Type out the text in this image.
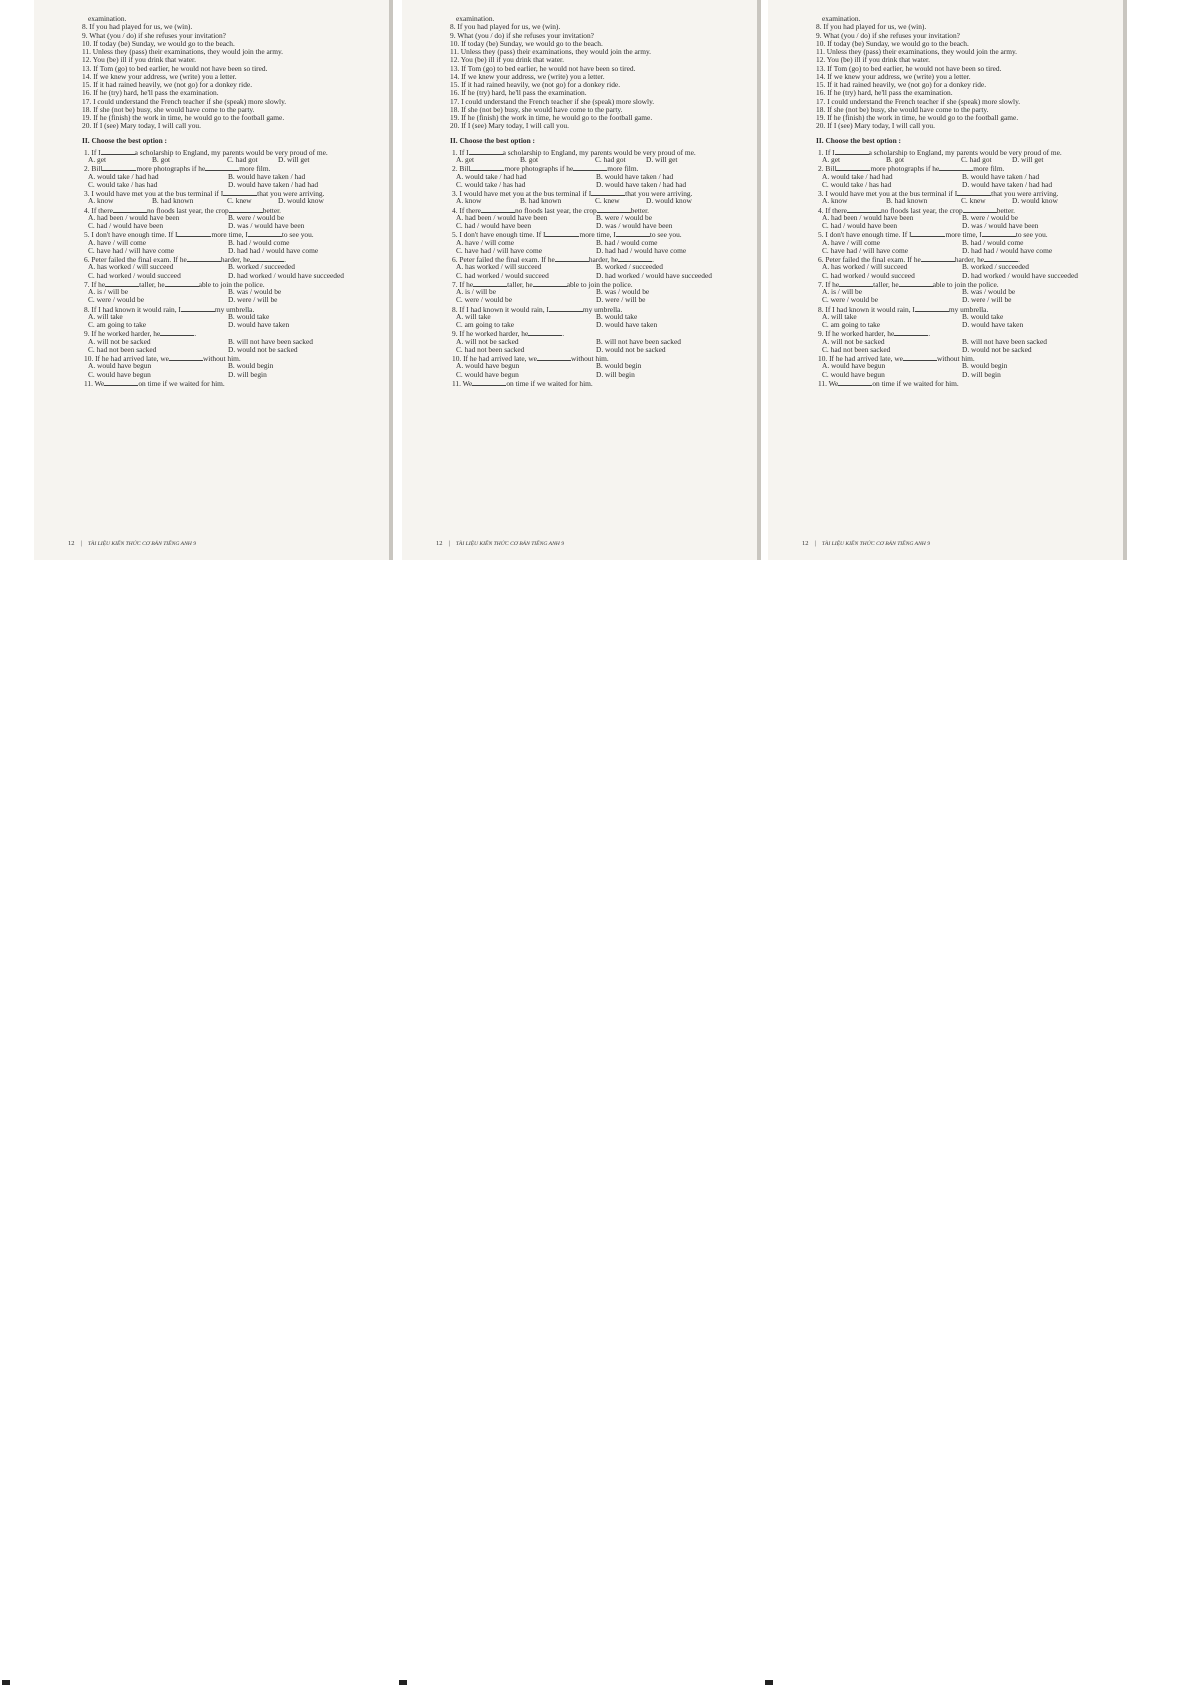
examination.
8. If you had played for us, we (win).
9. What (you / do) if she refuses your invitation?
10. If today (be) Sunday, we would go to the beach.
11. Unless they (pass) their examinations, they would join the army.
12. You (be) ill if you drink that water.
13. If Tom (go) to bed earlier, he would not have been so tired.
14. If we knew your address, we (write) you a letter.
15. If it had rained heavily, we (not go) for a donkey ride.
16. If he (try) hard, he'll pass the examination.
17. I could understand the French teacher if she (speak) more slowly.
18. If she (not be) busy, she would have come to the party.
19. If he (finish) the work in time, he would go to the football game.
20. If I (see) Mary today, I will call you.
II. Choose the best option :
1. If I	a scholarship to England, my parents would be very proud of me.
A. get	B. got	C. had got	D. will get
2. Bill	more photographs if he	more film.
A. would take / had had	B. would have taken / had
C. would take / has had	D. would have taken / had had
3. I would have met you at the bus terminal if I	that you were arriving.
A. know	B. had known	C. knew	D. would know
4. If there	no floods last year, the crop	better.
A. had been / would have been	B. were / would be
C. had / would have been	D. was / would have been
5. I don't have enough time. If I	more time, I	to see you.
A. have / will come	B. had / would come
C. have had / will have come	D. had had / would have come
6. Peter failed the final exam. If he	harder, he	.
A. has worked / will succeed	B. worked / succeeded
C. had worked / would succeed	D. had worked / would have succeeded
7. If he	taller, he	able to join the police.
A. is / will be	B. was / would be
C. were / would be	D. were / will be
8. If I had known it would rain, I	my umbrella.
A. will take	B. would take
C. am going to take	D. would have taken
9. If he worked harder, he	.
A. will not be sacked	B. will not have been sacked
C. had not been sacked	D. would not be sacked
10. If he had arrived late, we	without him.
A. would have begun	B. would begin
C. would have begun	D. will begin
11. We	on time if we waited for him.
12 | TÀI LIỆU KIẾN THỨC CƠ BẢN TIẾNG ANH 9
examination.
8. If you had played for us, we (win).
9. What (you / do) if she refuses your invitation?
10. If today (be) Sunday, we would go to the beach.
11. Unless they (pass) their examinations, they would join the army.
12. You (be) ill if you drink that water.
13. If Tom (go) to bed earlier, he would not have been so tired.
14. If we knew your address, we (write) you a letter.
15. If it had rained heavily, we (not go) for a donkey ride.
16. If he (try) hard, he'll pass the examination.
17. I could understand the French teacher if she (speak) more slowly.
18. If she (not be) busy, she would have come to the party.
19. If he (finish) the work in time, he would go to the football game.
20. If I (see) Mary today, I will call you.
II. Choose the best option :
1. If I	a scholarship to England, my parents would be very proud of me.
A. get	B. got	C. had got	D. will get
2. Bill	more photographs if he	more film.
A. would take / had had	B. would have taken / had
C. would take / has had	D. would have taken / had had
3. I would have met you at the bus terminal if I	that you were arriving.
A. know	B. had known	C. knew	D. would know
4. If there	no floods last year, the crop	better.
A. had been / would have been	B. were / would be
C. had / would have been	D. was / would have been
5. I don't have enough time. If I	more time, I	to see you.
A. have / will come	B. had / would come
C. have had / will have come	D. had had / would have come
6. Peter failed the final exam. If he	harder, he	.
A. has worked / will succeed	B. worked / succeeded
C. had worked / would succeed	D. had worked / would have succeeded
7. If he	taller, he	able to join the police.
A. is / will be	B. was / would be
C. were / would be	D. were / will be
8. If I had known it would rain, I	my umbrella.
A. will take	B. would take
C. am going to take	D. would have taken
9. If he worked harder, he	.
A. will not be sacked	B. will not have been sacked
C. had not been sacked	D. would not be sacked
10. If he had arrived late, we	without him.
A. would have begun	B. would begin
C. would have begun	D. will begin
11. We	on time if we waited for him.
12 | TÀI LIỆU KIẾN THỨC CƠ BẢN TIẾNG ANH 9
examination.
8. If you had played for us, we (win).
9. What (you / do) if she refuses your invitation?
10. If today (be) Sunday, we would go to the beach.
11. Unless they (pass) their examinations, they would join the army.
12. You (be) ill if you drink that water.
13. If Tom (go) to bed earlier, he would not have been so tired.
14. If we knew your address, we (write) you a letter.
15. If it had rained heavily, we (not go) for a donkey ride.
16. If he (try) hard, he'll pass the examination.
17. I could understand the French teacher if she (speak) more slowly.
18. If she (not be) busy, she would have come to the party.
19. If he (finish) the work in time, he would go to the football game.
20. If I (see) Mary today, I will call you.
II. Choose the best option :
1. If I	a scholarship to England, my parents would be very proud of me.
A. get	B. got	C. had got	D. will get
2. Bill	more photographs if he	more film.
A. would take / had had	B. would have taken / had
C. would take / has had	D. would have taken / had had
3. I would have met you at the bus terminal if I	that you were arriving.
A. know	B. had known	C. knew	D. would know
4. If there	no floods last year, the crop	better.
A. had been / would have been	B. were / would be
C. had / would have been	D. was / would have been
5. I don't have enough time. If I	more time, I	to see you.
A. have / will come	B. had / would come
C. have had / will have come	D. had had / would have come
6. Peter failed the final exam. If he	harder, he	.
A. has worked / will succeed	B. worked / succeeded
C. had worked / would succeed	D. had worked / would have succeeded
7. If he	taller, he	able to join the police.
A. is / will be	B. was / would be
C. were / would be	D. were / will be
8. If I had known it would rain, I	my umbrella.
A. will take	B. would take
C. am going to take	D. would have taken
9. If he worked harder, he	.
A. will not be sacked	B. will not have been sacked
C. had not been sacked	D. would not be sacked
10. If he had arrived late, we	without him.
A. would have begun	B. would begin
C. would have begun	D. will begin
11. We	on time if we waited for him.
12 | TÀI LIỆU KIẾN THỨC CƠ BẢN TIẾNG ANH 9
